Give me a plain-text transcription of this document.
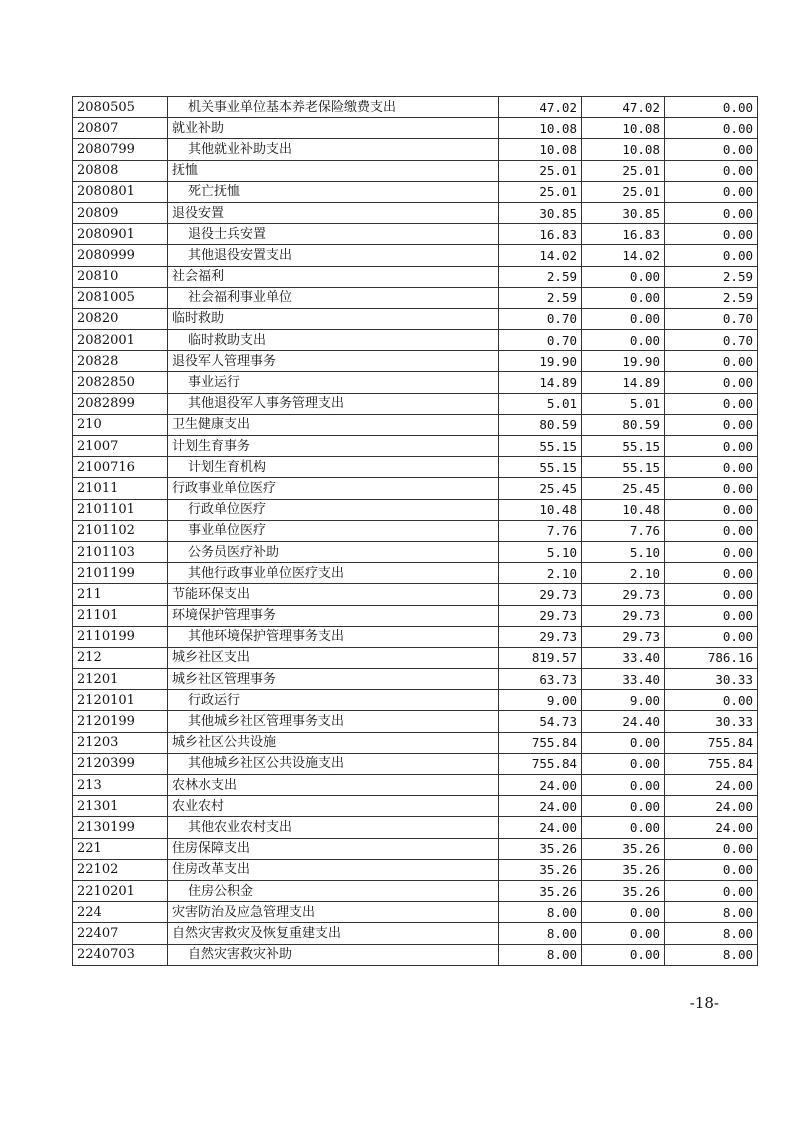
2080505	机关事业单位基本养老保险缴费支出	47.02	47.02	0.00
20807	就业补助	10.08	10.08	0.00
2080799	其他就业补助支出	10.08	10.08	0.00
20808	抚恤	25.01	25.01	0.00
2080801	死亡抚恤	25.01	25.01	0.00
20809	退役安置	30.85	30.85	0.00
2080901	退役士兵安置	16.83	16.83	0.00
2080999	其他退役安置支出	14.02	14.02	0.00
20810	社会福利	2.59	0.00	2.59
2081005	社会福利事业单位	2.59	0.00	2.59
20820	临时救助	0.70	0.00	0.70
2082001	临时救助支出	0.70	0.00	0.70
20828	退役军人管理事务	19.90	19.90	0.00
2082850	事业运行	14.89	14.89	0.00
2082899	其他退役军人事务管理支出	5.01	5.01	0.00
210	卫生健康支出	80.59	80.59	0.00
21007	计划生育事务	55.15	55.15	0.00
2100716	计划生育机构	55.15	55.15	0.00
21011	行政事业单位医疗	25.45	25.45	0.00
2101101	行政单位医疗	10.48	10.48	0.00
2101102	事业单位医疗	7.76	7.76	0.00
2101103	公务员医疗补助	5.10	5.10	0.00
2101199	其他行政事业单位医疗支出	2.10	2.10	0.00
211	节能环保支出	29.73	29.73	0.00
21101	环境保护管理事务	29.73	29.73	0.00
2110199	其他环境保护管理事务支出	29.73	29.73	0.00
212	城乡社区支出	819.57	33.40	786.16
21201	城乡社区管理事务	63.73	33.40	30.33
2120101	行政运行	9.00	9.00	0.00
2120199	其他城乡社区管理事务支出	54.73	24.40	30.33
21203	城乡社区公共设施	755.84	0.00	755.84
2120399	其他城乡社区公共设施支出	755.84	0.00	755.84
213	农林水支出	24.00	0.00	24.00
21301	农业农村	24.00	0.00	24.00
2130199	其他农业农村支出	24.00	0.00	24.00
221	住房保障支出	35.26	35.26	0.00
22102	住房改革支出	35.26	35.26	0.00
2210201	住房公积金	35.26	35.26	0.00
224	灾害防治及应急管理支出	8.00	0.00	8.00
22407	自然灾害救灾及恢复重建支出	8.00	0.00	8.00
2240703	自然灾害救灾补助	8.00	0.00	8.00
-18-
